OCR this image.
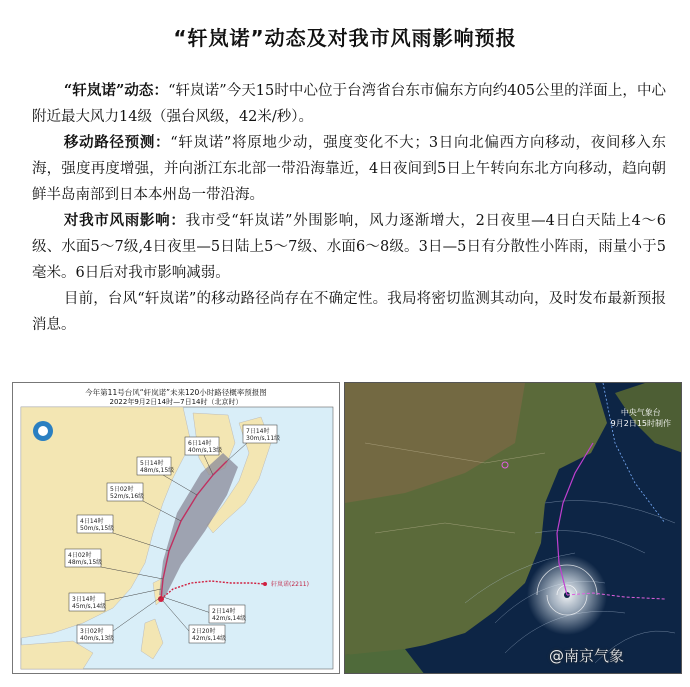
“轩岚诺”动态及对我市风雨影响预报

“轩岚诺”动态：“轩岚诺”今天15时中心位于台湾省台东市偏东方向约405公里的洋面上，中心附近最大风力14级（强台风级，42米/秒）。

移动路径预测：“轩岚诺”将原地少动，强度变化不大；3日向北偏西方向移动，夜间移入东海，强度再度增强，并向浙江东北部一带沿海靠近，4日夜间到5日上午转向东北方向移动，趋向朝鲜半岛南部到日本本州岛一带沿海。

对我市风雨影响：我市受“轩岚诺”外围影响，风力逐渐增大，2日夜里—4日白天陆上4～6级、水面5～7级,4日夜里—5日陆上5～7级、水面6～8级。3日—5日有分散性小阵雨，雨量小于5毫米。6日后对我市影响减弱。

目前，台风“轩岚诺”的移动路径尚存在不确定性。我局将密切监测其动向，及时发布最新预报消息。

今年第11号台风“轩岚诺”未来120小时路径概率预报图
2022年9月2日14时—7日14时（北京时）
7日14时
30m/s,11级
6日14时
40m/s,13级
5日14时
48m/s,15级
5日02时
52m/s,16级
4日14时
50m/s,15级
4日02时
48m/s,15级
3日14时
45m/s,14级
3日02时
40m/s,13级
2日14时
42m/s,14级
2日20时
42m/s,14级
轩岚诺(2211)
中央气象台
9月2日15时制作
@南京气象
